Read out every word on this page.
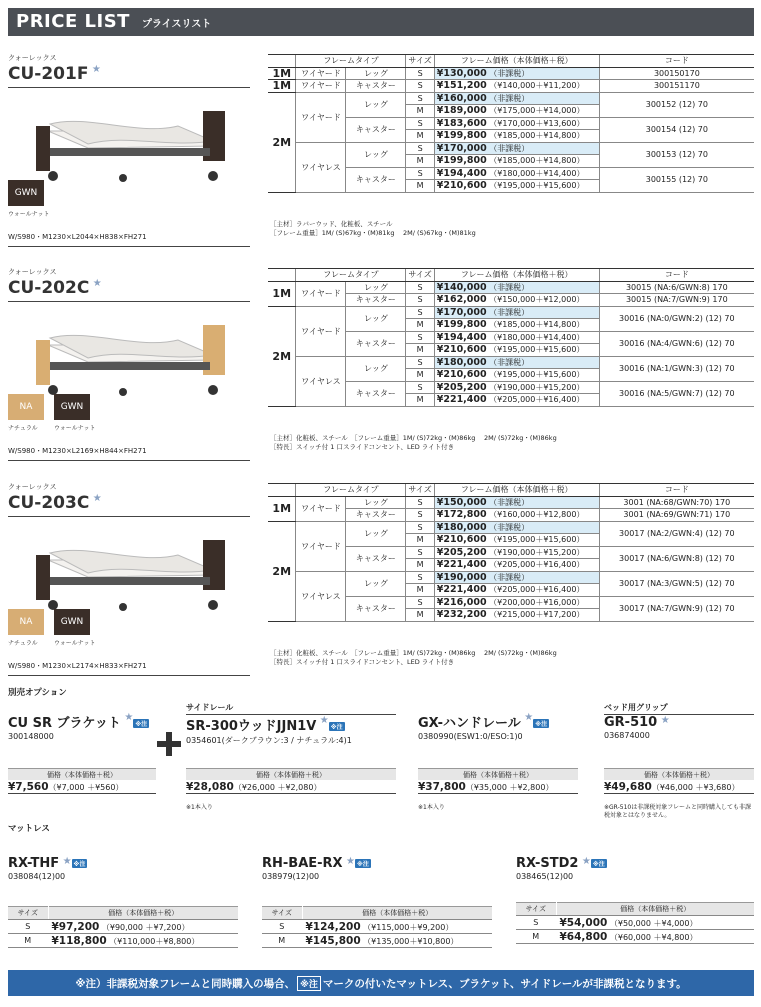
PRICE LIST プライスリスト
クォーレックス
CU-201F ★
GWN
ウォールナット
W/S980・M1230×L2044×H838×FH271
	フレームタイプ		サイズ	フレーム価格（本体価格＋税）	コード
1M	ワイヤード	レッグ	S	¥130,000 （非課税）	300150170
1M	ワイヤード	キャスター	S	¥151,200 （¥140,000＋¥11,200）	300151170
2M	ワイヤード	レッグ	S	¥160,000 （非課税）	300152 (12) 70
			M	¥189,000 （¥175,000＋¥14,000）	
		キャスター	S	¥183,600 （¥170,000＋¥13,600）	300154 (12) 70
			M	¥199,800 （¥185,000＋¥14,800）	
	ワイヤレス	レッグ	S	¥170,000 （非課税）	300153 (12) 70
			M	¥199,800 （¥185,000＋¥14,800）	
		キャスター	S	¥194,400 （¥180,000＋¥14,400）	300155 (12) 70
			M	¥210,600 （¥195,000＋¥15,600）	
［主材］ラバーウッド、化粧板、スチール
［フレーム重量］1M/ (S)67kg・(M)81kg　 2M/ (S)67kg・(M)81kg
クォーレックス
CU-202C ★
NA
ナチュラル
GWN
ウォールナット
W/S980・M1230×L2169×H844×FH271
	フレームタイプ		サイズ	フレーム価格（本体価格＋税）	コード
1M	ワイヤード	レッグ	S	¥140,000 （非課税）	30015 (NA:6/GWN:8) 170
		キャスター	S	¥162,000 （¥150,000＋¥12,000）	30015 (NA:7/GWN:9) 170
2M	ワイヤード	レッグ	S	¥170,000 （非課税）	30016 (NA:0/GWN:2) (12) 70
			M	¥199,800 （¥185,000＋¥14,800）	
		キャスター	S	¥194,400 （¥180,000＋¥14,400）	30016 (NA:4/GWN:6) (12) 70
			M	¥210,600 （¥195,000＋¥15,600）	
	ワイヤレス	レッグ	S	¥180,000 （非課税）	30016 (NA:1/GWN:3) (12) 70
			M	¥210,600 （¥195,000＋¥15,600）	
		キャスター	S	¥205,200 （¥190,000＋¥15,200）	30016 (NA:5/GWN:7) (12) 70
			M	¥221,400 （¥205,000＋¥16,400）	
［主材］化粧板、スチール　［フレーム重量］1M/ (S)72kg・(M)86kg　 2M/ (S)72kg・(M)86kg
［特長］スイッチ付 1 口スライドコンセント、LED ライト付き
クォーレックス
CU-203C ★
NA
ナチュラル
GWN
ウォールナット
W/S980・M1230×L2174×H833×FH271
	フレームタイプ		サイズ	フレーム価格（本体価格＋税）	コード
1M	ワイヤード	レッグ	S	¥150,000 （非課税）	3001 (NA:68/GWN:70) 170
		キャスター	S	¥172,800 （¥160,000＋¥12,800）	3001 (NA:69/GWN:71) 170
2M	ワイヤード	レッグ	S	¥180,000 （非課税）	30017 (NA:2/GWN:4) (12) 70
			M	¥210,600 （¥195,000＋¥15,600）	
		キャスター	S	¥205,200 （¥190,000＋¥15,200）	30017 (NA:6/GWN:8) (12) 70
			M	¥221,400 （¥205,000＋¥16,400）	
	ワイヤレス	レッグ	S	¥190,000 （非課税）	30017 (NA:3/GWN:5) (12) 70
			M	¥221,400 （¥205,000＋¥16,400）	
		キャスター	S	¥216,000 （¥200,000＋¥16,000）	30017 (NA:7/GWN:9) (12) 70
			M	¥232,200 （¥215,000＋¥17,200）	
［主材］化粧板、スチール　［フレーム重量］1M/ (S)72kg・(M)86kg　 2M/ (S)72kg・(M)86kg
［特長］スイッチ付 1 口スライドコンセント、LED ライト付き
別売オプション

CU SR ブラケット ★※注
300148000
価格（本体価格＋税）
¥7,560（¥7,000 ＋¥560）
サイドレール
SR-300ウッドJJN1V ★※注
0354601(ダークブラウン:3 / ナチュラル:4)1
価格（本体価格＋税）
¥28,080（¥26,000 ＋¥2,080）
※1本入り

GX-ハンドレール ★※注
0380990(ESW1:0/ESO:1)0
価格（本体価格＋税）
¥37,800（¥35,000 ＋¥2,800）
※1本入り
ベッド用グリップ
GR-510 ★
036874000
価格（本体価格＋税）
¥49,680（¥46,000 ＋¥3,680）
※GR-510は非課税対象フレームと同時購入しても非課税対象とはなりません。
マットレス
RX-THF ★ ※注
038084(12)00
サイズ	価格（本体価格＋税）
S	¥97,200 （¥90,000 ＋¥7,200）
M	¥118,800 （¥110,000＋¥8,800）
RH-BAE-RX ★ ※注
038979(12)00
サイズ	価格（本体価格＋税）
S	¥124,200 （¥115,000＋¥9,200）
M	¥145,800 （¥135,000＋¥10,800）
RX-STD2 ★ ※注
038465(12)00
サイズ	価格（本体価格＋税）
S	¥54,000 （¥50,000 ＋¥4,000）
M	¥64,800 （¥60,000 ＋¥4,800）
※注）非課税対象フレームと同時購入の場合、 ※注 マークの付いたマットレス、ブラケット、サイドレールが非課税となります。
